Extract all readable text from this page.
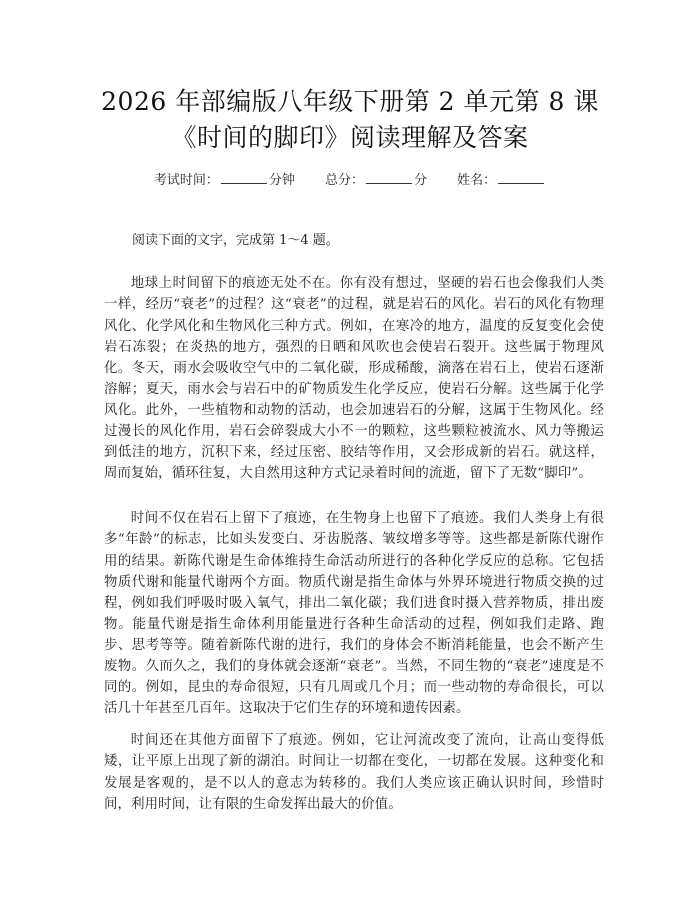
2026 年部编版八年级下册第 2 单元第 8 课
《时间的脚印》阅读理解及答案
考试时间：	分钟 总分：	分 姓名：
阅读下面的文字，完成第 1～4 题。

地球上时间留下的痕迹无处不在。你有没有想过，坚硬的岩石也会像我们人类一样，经历“衰老”的过程？这“衰老”的过程，就是岩石的风化。岩石的风化有物理风化、化学风化和生物风化三种方式。例如，在寒冷的地方，温度的反复变化会使岩石冻裂；在炎热的地方，强烈的日晒和风吹也会使岩石裂开。这些属于物理风化。冬天，雨水会吸收空气中的二氧化碳，形成稀酸，滴落在岩石上，使岩石逐渐溶解；夏天，雨水会与岩石中的矿物质发生化学反应，使岩石分解。这些属于化学风化。此外，一些植物和动物的活动，也会加速岩石的分解，这属于生物风化。经过漫长的风化作用，岩石会碎裂成大小不一的颗粒，这些颗粒被流水、风力等搬运到低洼的地方，沉积下来，经过压密、胶结等作用，又会形成新的岩石。就这样，周而复始，循环往复，大自然用这种方式记录着时间的流逝，留下了无数“脚印”。

时间不仅在岩石上留下了痕迹，在生物身上也留下了痕迹。我们人类身上有很多“年龄”的标志，比如头发变白、牙齿脱落、皱纹增多等等。这些都是新陈代谢作用的结果。新陈代谢是生命体维持生命活动所进行的各种化学反应的总称。它包括物质代谢和能量代谢两个方面。物质代谢是指生命体与外界环境进行物质交换的过程，例如我们呼吸时吸入氧气，排出二氧化碳；我们进食时摄入营养物质，排出废物。能量代谢是指生命体利用能量进行各种生命活动的过程，例如我们走路、跑步、思考等等。随着新陈代谢的进行，我们的身体会不断消耗能量，也会不断产生废物。久而久之，我们的身体就会逐渐“衰老”。当然，不同生物的“衰老”速度是不同的。例如，昆虫的寿命很短，只有几周或几个月；而一些动物的寿命很长，可以活几十年甚至几百年。这取决于它们生存的环境和遗传因素。

时间还在其他方面留下了痕迹。例如，它让河流改变了流向，让高山变得低矮，让平原上出现了新的湖泊。时间让一切都在变化，一切都在发展。这种变化和发展是客观的，是不以人的意志为转移的。我们人类应该正确认识时间，珍惜时间，利用时间，让有限的生命发挥出最大的价值。
